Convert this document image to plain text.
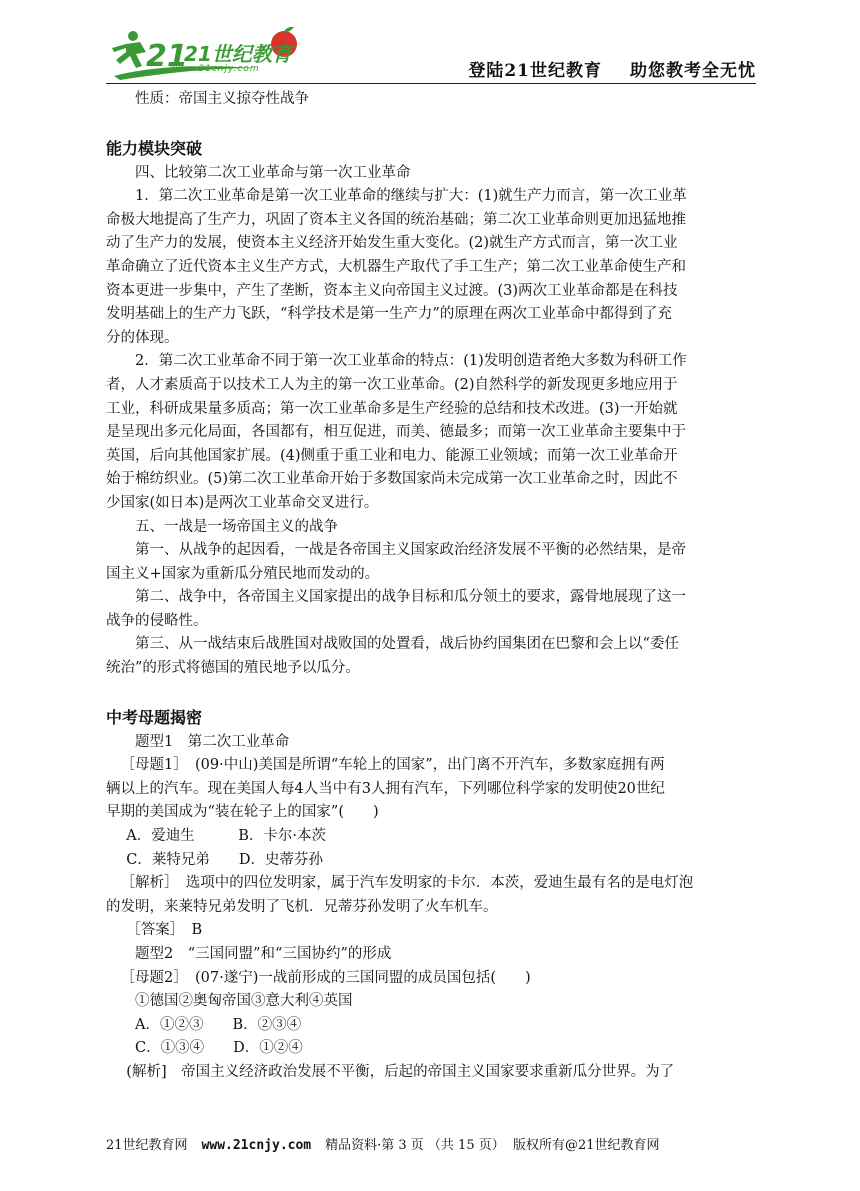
21
21世纪教育
www.21cnjy.com	登陆21世纪教育 助您教考全无忧
性质：帝国主义掠夺性战争
能力模块突破
四、比较第二次工业革命与第一次工业革命
1．第二次工业革命是第一次工业革命的继续与扩大：(1)就生产力而言，第一次工业革
命极大地提高了生产力，巩固了资本主义各国的统治基础；第二次工业革命则更加迅猛地推
动了生产力的发展，使资本主义经济开始发生重大变化。(2)就生产方式而言，第一次工业
革命确立了近代资本主义生产方式，大机器生产取代了手工生产；第二次工业革命使生产和
资本更进一步集中，产生了垄断，资本主义向帝国主义过渡。(3)两次工业革命都是在科技
发明基础上的生产力飞跃，“科学技术是第一生产力”的原理在两次工业革命中都得到了充
分的体现。
2．第二次工业革命不同于第一次工业革命的特点：(1)发明创造者绝大多数为科研工作
者，人才素质高于以技术工人为主的第一次工业革命。(2)自然科学的新发现更多地应用于
工业，科研成果量多质高；第一次工业革命多是生产经验的总结和技术改进。(3)一开始就
是呈现出多元化局面，各国都有，相互促进，而美、德最多；而第一次工业革命主要集中于
英国，后向其他国家扩展。(4)侧重于重工业和电力、能源工业领域；而第一次工业革命开
始于棉纺织业。(5)第二次工业革命开始于多数国家尚未完成第一次工业革命之时，因此不
少国家(如日本)是两次工业革命交叉进行。
五、一战是一场帝国主义的战争
第一、从战争的起因看，一战是各帝国主义国家政治经济发展不平衡的必然结果，是帝
国主义+国家为重新瓜分殖民地而发动的。
第二、战争中，各帝国主义国家提出的战争目标和瓜分领土的要求，露骨地展现了这一
战争的侵略性。
第三、从一战结束后战胜国对战败国的处置看，战后协约国集团在巴黎和会上以“委任
统治”的形式将德国的殖民地予以瓜分。
中考母题揭密
题型1　第二次工业革命
［母题1］　(09·中山)美国是所谓“车轮上的国家”，出门离不开汽车，多数家庭拥有两
辆以上的汽车。现在美国人每4人当中有3人拥有汽车，下列哪位科学家的发明使20世纪
早期的美国成为“装在轮子上的国家”(　　)
A．爱迪生　　　B．卡尔·本茨
C．莱特兄弟　　D．史蒂芬孙
［解析］　选项中的四位发明家，属于汽车发明家的卡尔．本茨，爱迪生最有名的是电灯泡
的发明，来莱特兄弟发明了飞机．兄蒂芬孙发明了火车机车。
［答案］　B
题型2　“三国同盟”和“三国协约”的形成
［母题2］　(07·遂宁)一战前形成的三国同盟的成员国包括(　　)
①德国②奥匈帝国③意大利④英国
A．①②③　　B．②③④
C．①③④　　D．①②④
(解析]　帝国主义经济政治发展不平衡，后起的帝国主义国家要求重新瓜分世界。为了
21世纪教育网 www.21cnjy.com 精品资料·第 3 页 （共 15 页） 版权所有@21世纪教育网
